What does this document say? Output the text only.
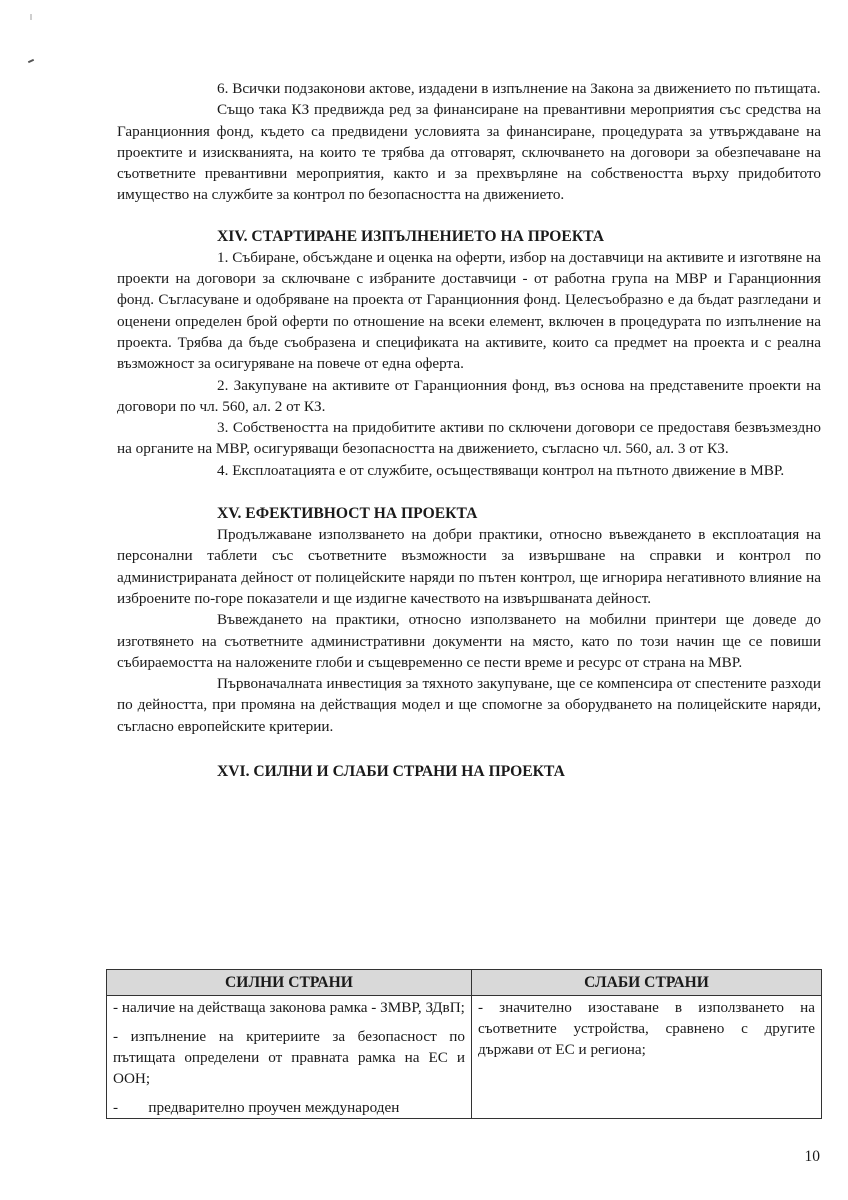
6. Всички подзаконови актове, издадени в изпълнение на Закона за движението по пътищата.

Също така КЗ предвижда ред за финансиране на превантивни мероприятия със средства на Гаранционния фонд, където са предвидени условията за финансиране, процедурата за утвърждаване на проектите и изискванията, на които те трябва да отговарят, сключването на договори за обезпечаване на съответните превантивни мероприятия, както и за прехвърляне на собствеността върху придобитото имущество на службите за контрол по безопасността на движението.

XIV. СТАРТИРАНЕ ИЗПЪЛНЕНИЕТО НА ПРОЕКТА

1. Събиране, обсъждане и оценка на оферти, избор на доставчици на активите и изготвяне на проекти на договори за сключване с избраните доставчици - от работна група на МВР и Гаранционния фонд. Съгласуване и одобряване на проекта от Гаранционния фонд. Целесъобразно е да бъдат разгледани и оценени определен брой оферти по отношение на всеки елемент, включен в процедурата по изпълнение на проекта. Трябва да бъде съобразена и спецификата на активите, които са предмет на проекта и с реална възможност за осигуряване на повече от една оферта.

2. Закупуване на активите от Гаранционния фонд, въз основа на представените проекти на договори по чл. 560, ал. 2 от КЗ.

3. Собствеността на придобитите активи по сключени договори се предоставя безвъзмездно на органите на МВР, осигуряващи безопасността на движението, съгласно чл. 560, ал. 3 от КЗ.

4. Експлоатацията е от службите, осъществяващи контрол на пътното движение в МВР.

XV. ЕФЕКТИВНОСТ НА ПРОЕКТА

Продължаване използването на добри практики, относно въвеждането в експлоатация на персонални таблети със съответните възможности за извършване на справки и контрол по администрираната дейност от полицейските наряди по пътен контрол, ще игнорира негативното влияние на изброените по-горе показатели и ще издигне качеството на извършваната дейност.

Въвеждането на практики, относно използването на мобилни принтери ще доведе до изготвянето на съответните административни документи на място, като по този начин ще се повиши събираемостта на наложените глоби и същевременно се пести време и ресурс от страна на МВР.

Първоначалната инвестиция за тяхното закупуване, ще се компенсира от спестените разходи по дейността, при промяна на действащия модел и ще спомогне за оборудването на полицейските наряди, съгласно европейските критерии.

XVI. СИЛНИ И СЛАБИ СТРАНИ НА ПРОЕКТА
СИЛНИ СТРАНИ	СЛАБИ СТРАНИ

- наличие на действаща законова рамка - ЗМВР, ЗДвП;

- изпълнение на критериите за безопасност по пътищата определени от правната рамка на ЕС и ООН;

-        предварително проучен международен	- значително изоставане в използването на съответните устройства, сравнено с другите държави от ЕС и региона;

10
